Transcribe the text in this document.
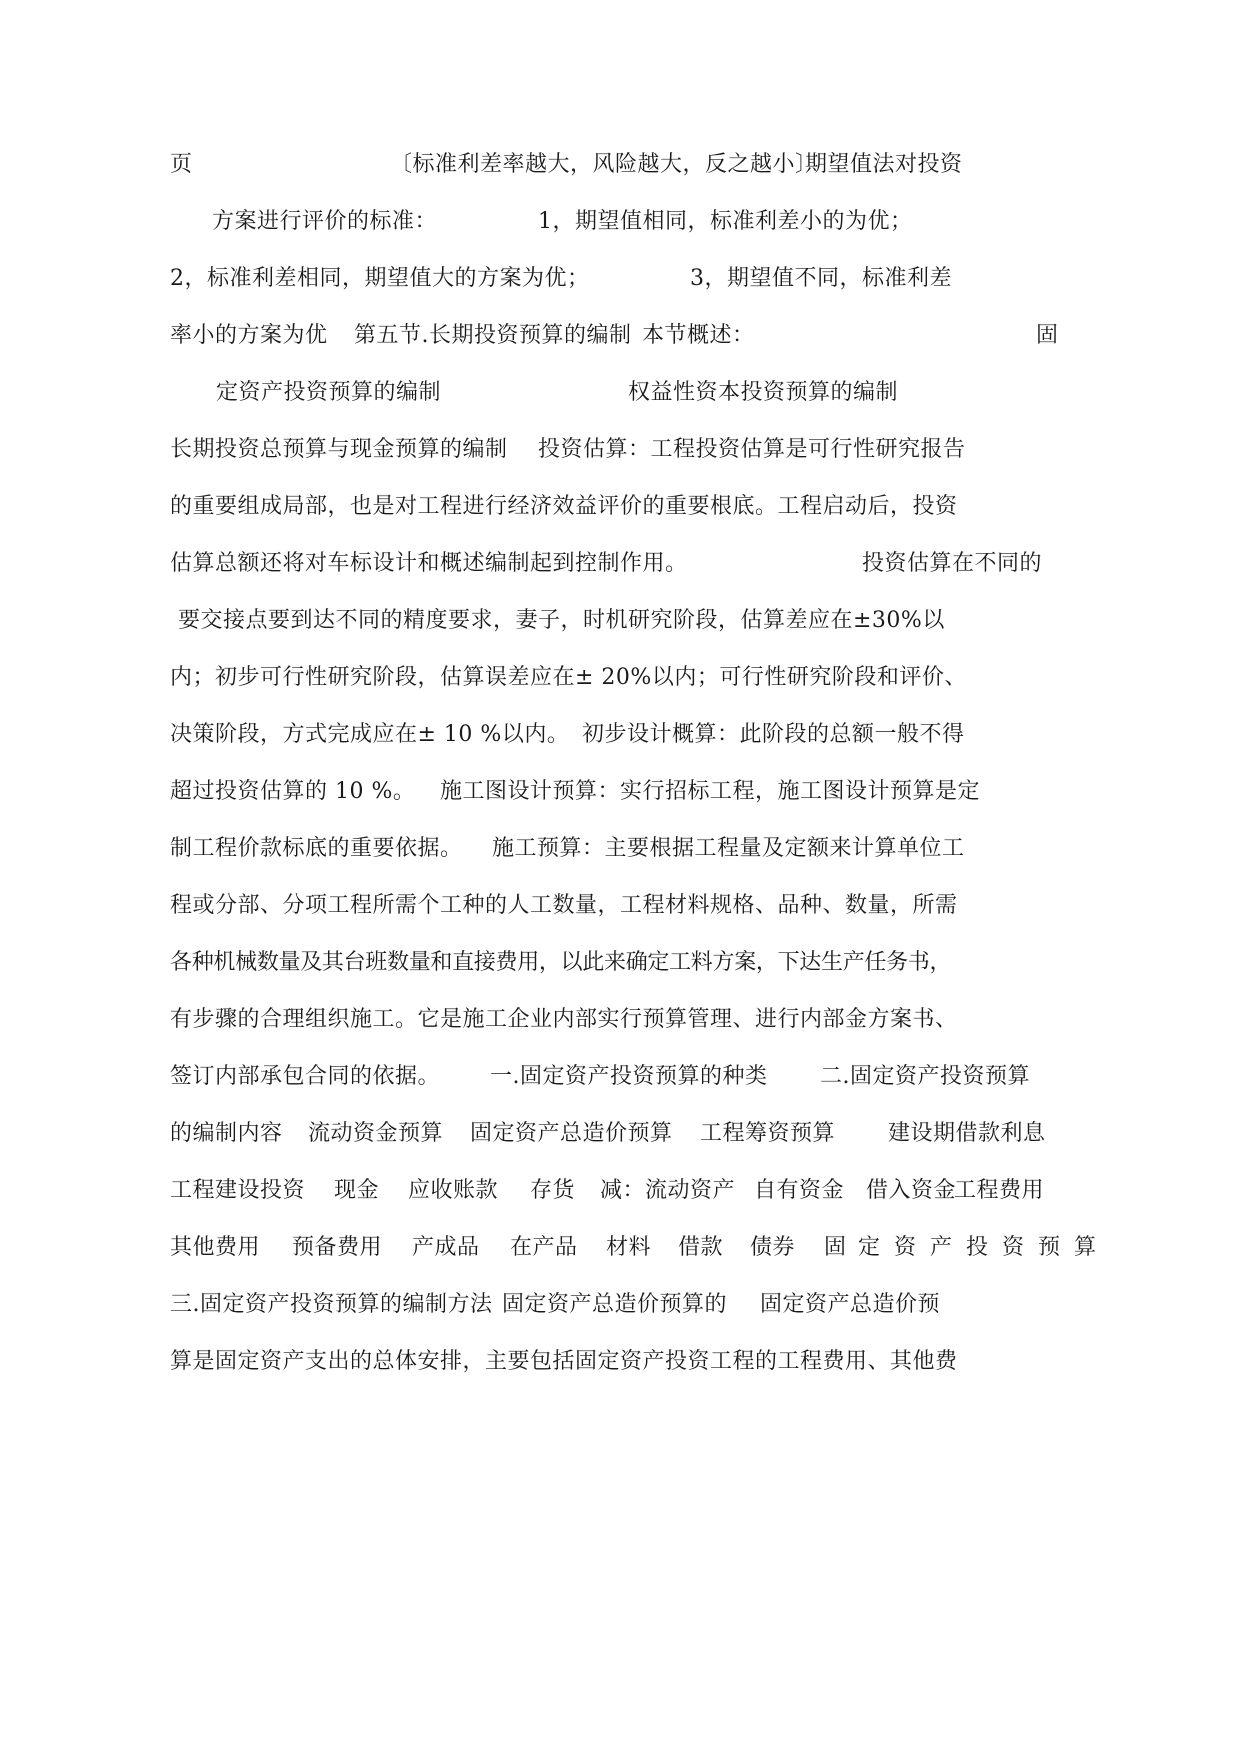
页	〔标准利差率越大，风险越大，反之越小〕
期望值法对投资
方案进行评价的标准：	1，期望值相同，标准利差小的为优；
2，标准利差相同，期望值大的方案为优；	3，期望值不同，标准利差
率小的方案为优 第五节.长期投资预算的编制 本节概述：	固
定资产投资预算的编制	权益性资本投资预算的编制
长期投资总预算与现金预算的编制 投资估算：工程投资估算是可行性研究报告
的重要组成局部，也是对工程进行经济效益评价的重要根底。工程启动后，投资
估算总额还将对车标设计和概述编制起到控制作用。	投资估算在不同的
要交接点要到达不同的精度要求，妻子，时机研究阶段，估算差应在±30%以
内；初步可行性研究阶段，估算误差应在± 20%以内；可行性研究阶段和评价、
决策阶段，方式完成应在± 10 %以内。 初步设计概算：此阶段的总额一般不得
超过投资估算的 10 %。 施工图设计预算：实行招标工程，施工图设计预算是定
制工程价款标底的重要依据。 施工预算：主要根据工程量及定额来计算单位工
程或分部、分项工程所需个工种的人工数量，工程材料规格、品种、数量，所需
各种机械数量及其台班数量和直接费用，以此来确定工料方案，下达生产任务书，
有步骤的合理组织施工。它是施工企业内部实行预算管理、进行内部金方案书、
签订内部承包合同的依据。 一.固定资产投资预算的种类 二.固定资产投资预算
的编制内容 流动资金预算 固定资产总造价预算 工程筹资预算 建设期借款利息
工程建设投资 现金 应收账款 存货 减：流动资产 自有资金 借入资金
工程费用
其他费用 预备费用 产成品 在产品 材料 借款 债券 固 定 资 产 投 资 预 算
三.固定资产投资预算的编制方法 固定资产总造价预算的 固定资产总造价预
算是固定资产支出的总体安排，主要包括固定资产投资工程的工程费用、其他费
